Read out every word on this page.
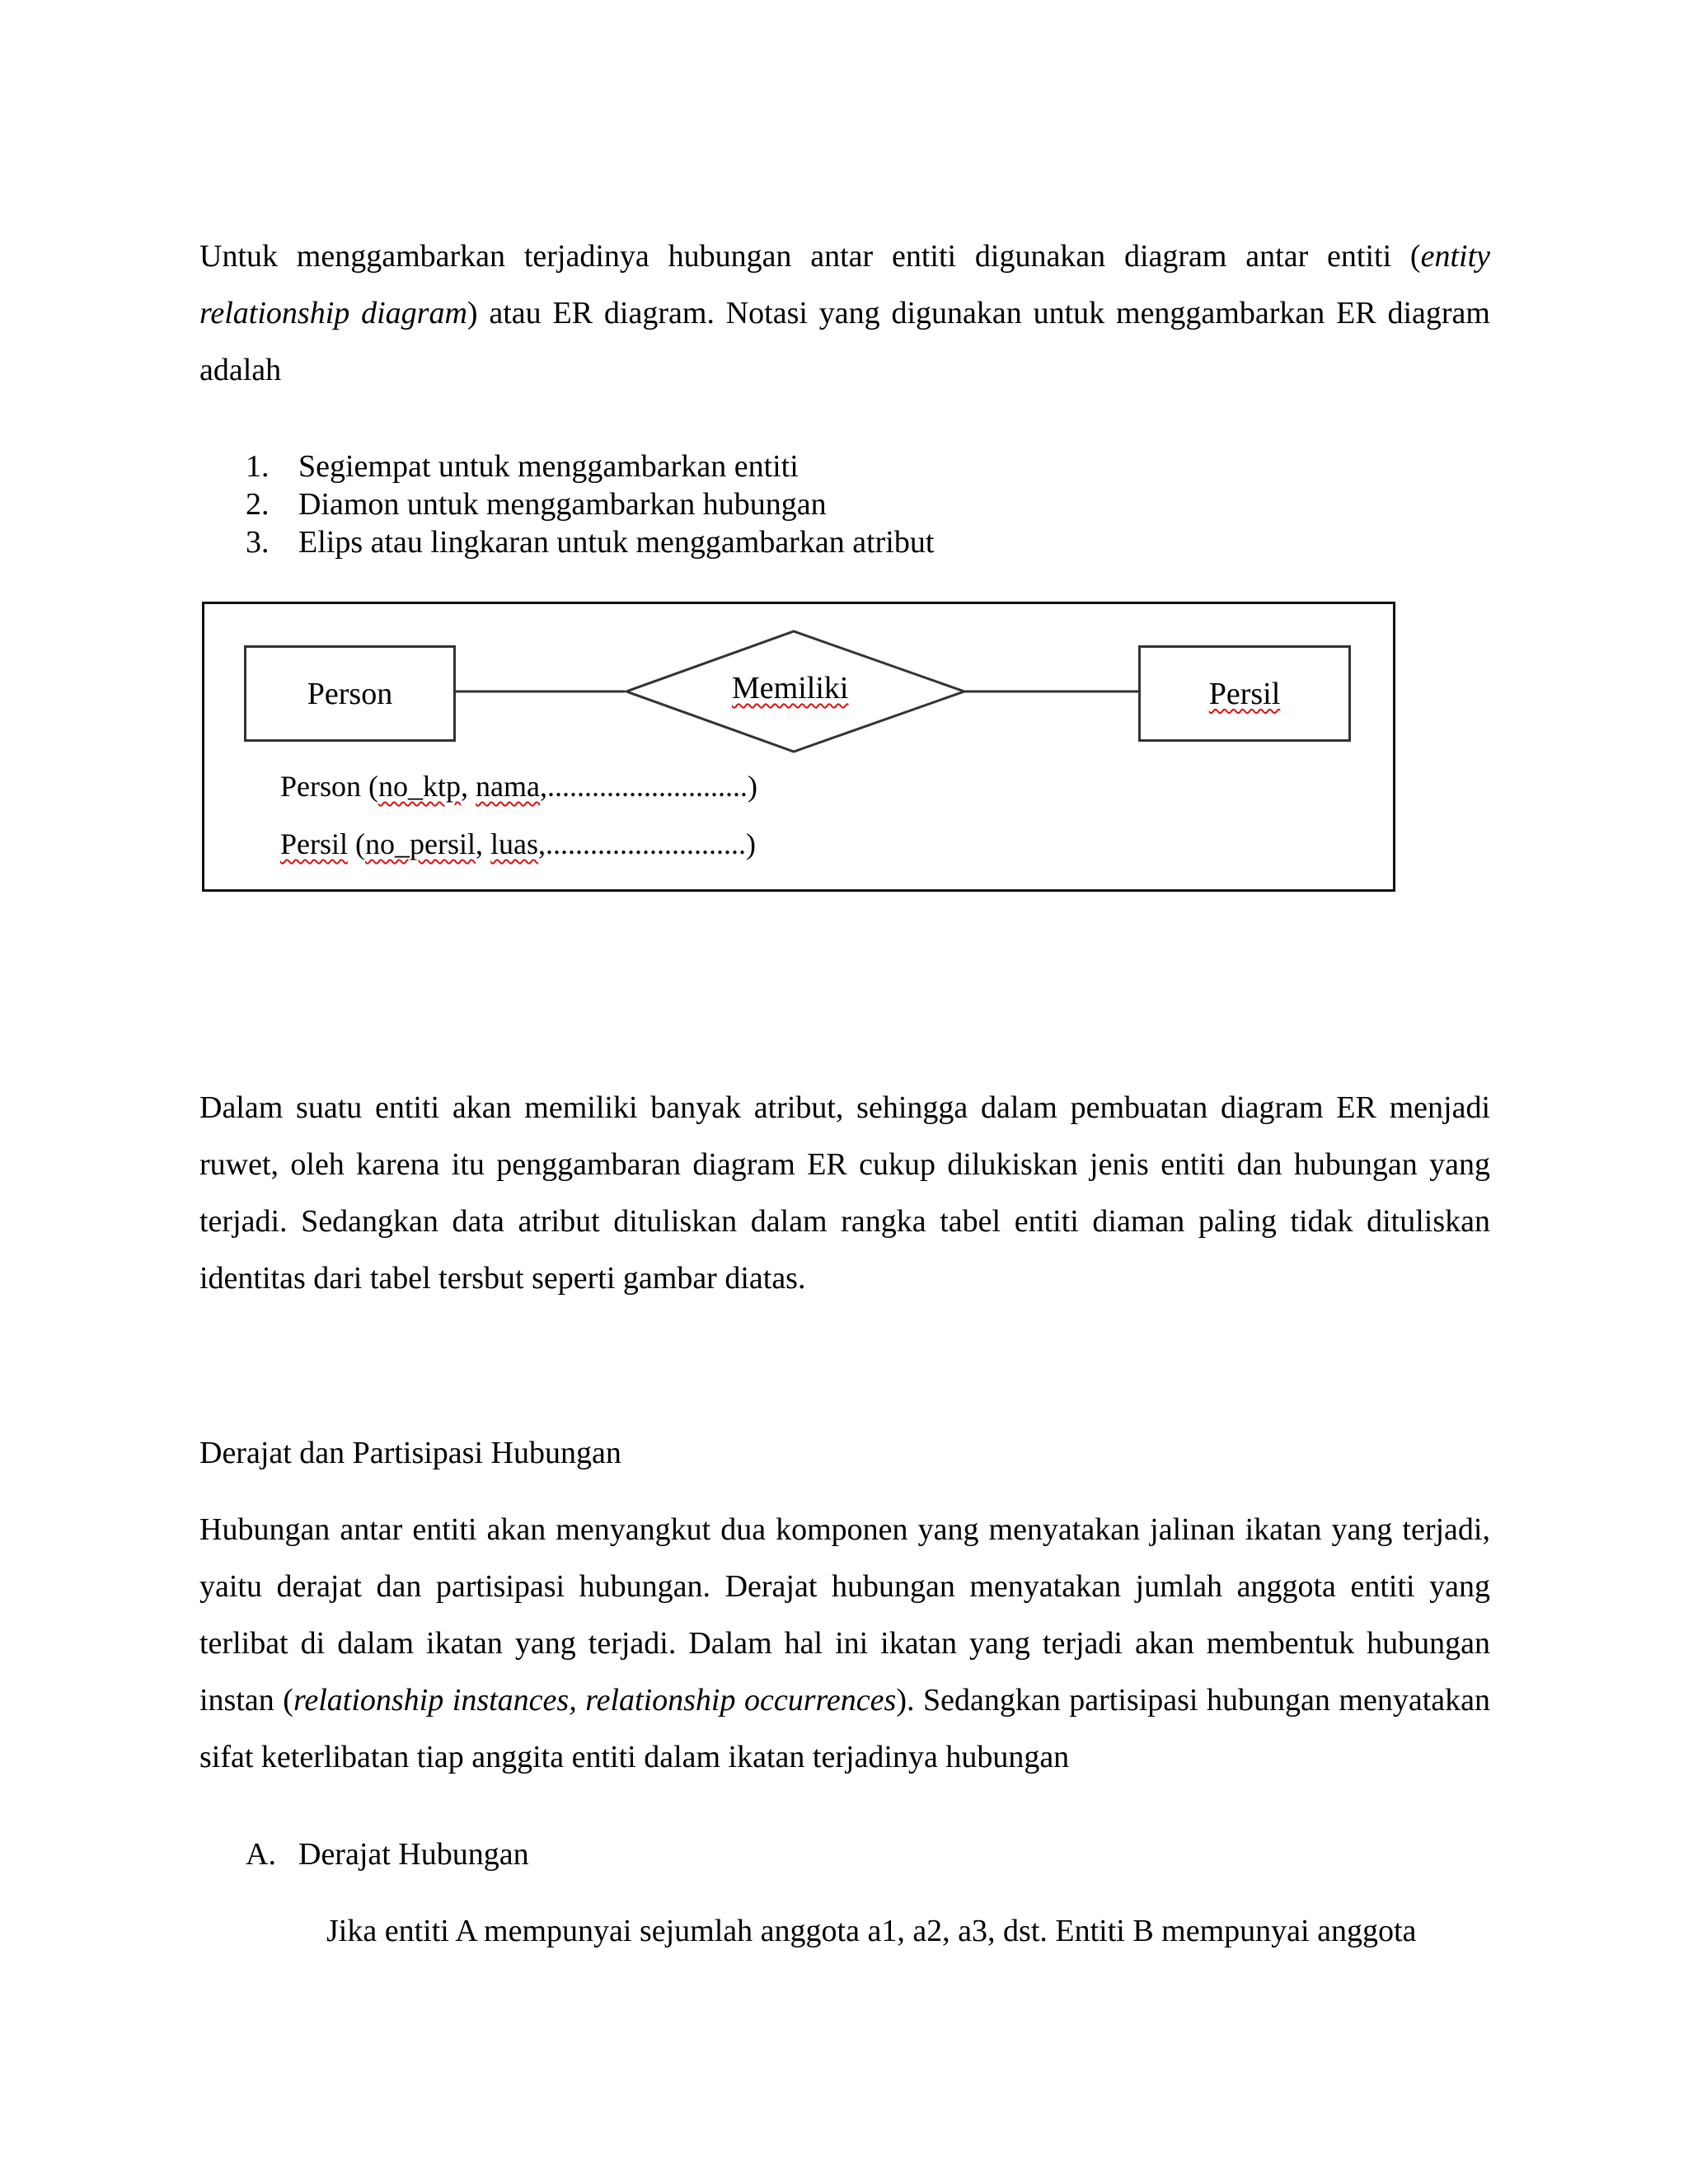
Untuk menggambarkan terjadinya hubungan antar entiti digunakan diagram antar entiti (entity relationship diagram) atau ER diagram. Notasi yang digunakan untuk menggambarkan ER diagram adalah

1. Segiempat untuk menggambarkan entiti
2. Diamon untuk menggambarkan hubungan
3. Elips atau lingkaran untuk menggambarkan atribut
Person	Memiliki	Persil
Person (no_ktp, nama,...........................)
Persil (no_persil, luas,...........................)

Dalam suatu entiti akan memiliki banyak atribut, sehingga dalam pembuatan diagram ER menjadi ruwet, oleh karena itu penggambaran diagram ER cukup dilukiskan jenis entiti dan hubungan yang terjadi. Sedangkan data atribut dituliskan dalam rangka tabel entiti diaman paling tidak dituliskan identitas dari tabel tersbut seperti gambar diatas.

Derajat dan Partisipasi Hubungan

Hubungan antar entiti akan menyangkut dua komponen yang menyatakan jalinan ikatan yang terjadi, yaitu derajat dan partisipasi hubungan. Derajat hubungan menyatakan jumlah anggota entiti yang terlibat di dalam ikatan yang terjadi. Dalam hal ini ikatan yang terjadi akan membentuk hubungan instan (relationship instances, relationship occurrences). Sedangkan partisipasi hubungan menyatakan sifat keterlibatan tiap anggita entiti dalam ikatan terjadinya hubungan

A. Derajat Hubungan
Jika entiti A mempunyai sejumlah anggota a1, a2, a3, dst. Entiti B mempunyai anggota
